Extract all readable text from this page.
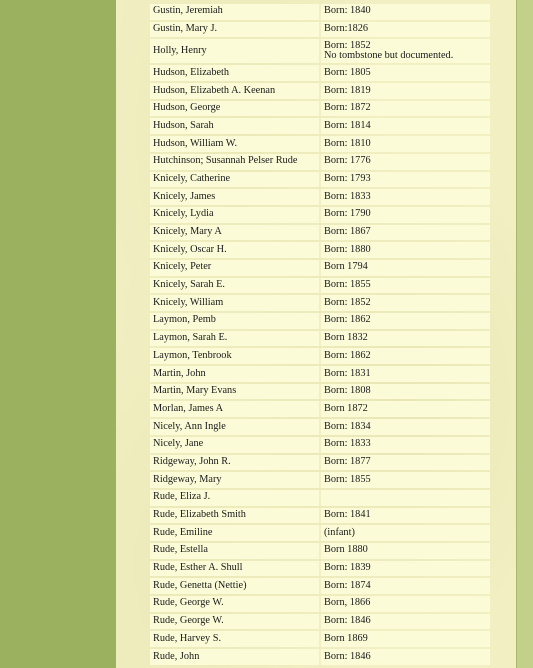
Gustin, Jeremiah	Born: 1840

Gustin, Mary J.	Born:1826

Holly, Henry	Born: 1852
No tombstone but documented.

Hudson, Elizabeth	Born: 1805

Hudson, Elizabeth A. Keenan	Born: 1819

Hudson, George	Born: 1872

Hudson, Sarah	Born: 1814

Hudson, William W.	Born: 1810

Hutchinson; Susannah Pelser Rude	Born: 1776

Knicely, Catherine	Born: 1793

Knicely, James	Born: 1833

Knicely, Lydia	Born: 1790

Knicely, Mary A	Born: 1867

Knicely, Oscar H.	Born: 1880

Knicely, Peter	Born 1794

Knicely, Sarah E.	Born: 1855

Knicely, William	Born: 1852

Laymon, Pemb	Born: 1862

Laymon, Sarah E.	Born 1832

Laymon, Tenbrook	Born: 1862

Martin, John	Born: 1831

Martin, Mary Evans	Born: 1808

Morlan, James A	Born 1872

Nicely, Ann Ingle	Born: 1834

Nicely, Jane	Born: 1833

Ridgeway, John R.	Born: 1877

Ridgeway, Mary	Born: 1855

Rude, Eliza J.	

Rude, Elizabeth Smith	Born: 1841

Rude, Emiline	(infant)

Rude, Estella	Born 1880

Rude, Esther A. Shull	Born: 1839

Rude, Genetta (Nettie)	Born: 1874

Rude, George W.	Born, 1866

Rude, George W.	Born: 1846

Rude, Harvey S.	Born 1869

Rude, John	Born: 1846
